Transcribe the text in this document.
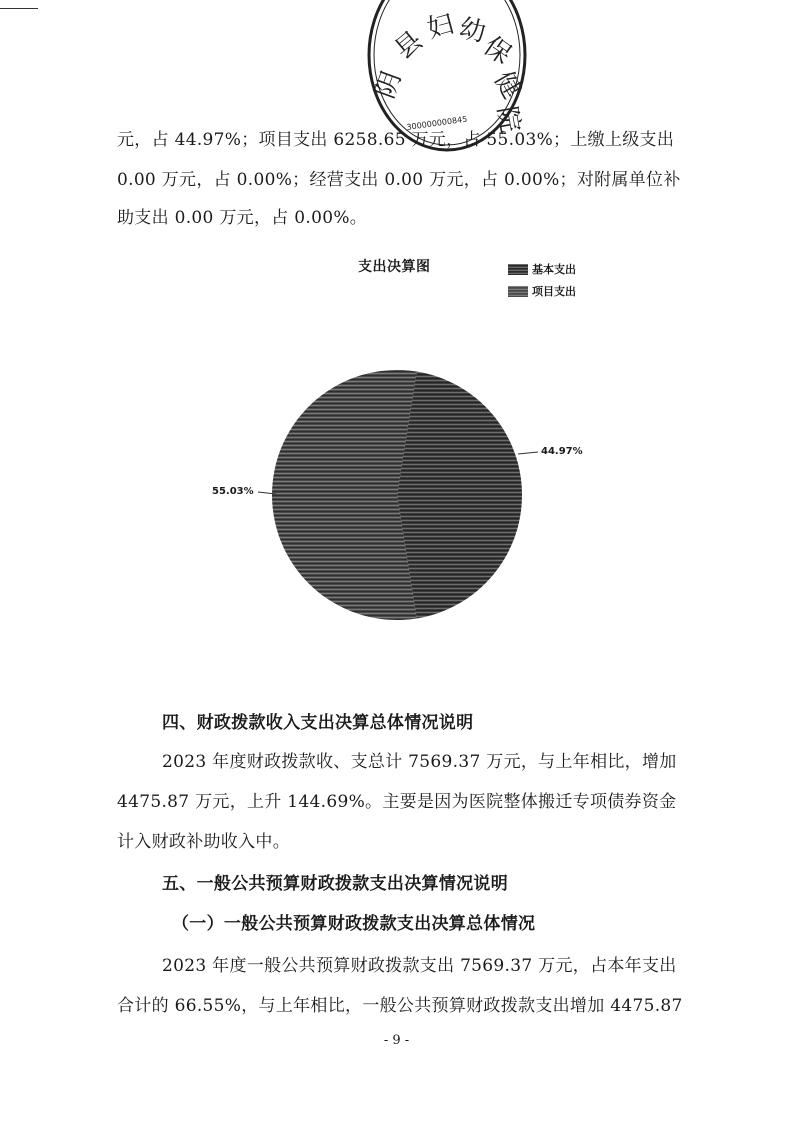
阴
县
妇 幼
保
健
院
300000000845
元，占 44.97%；项目支出 6258.65 万元，占 55.03%；上缴上级支出
0.00 万元，占 0.00%；经营支出 0.00 万元，占 0.00%；对附属单位补
助支出 0.00 万元，占 0.00%。
支出决算图	基本支出
项目支出
44.97%
55.03%
四、财政拨款收入支出决算总体情况说明
2023 年度财政拨款收、支总计 7569.37 万元，与上年相比，增加
4475.87 万元，上升 144.69%。主要是因为医院整体搬迁专项债券资金
计入财政补助收入中。
五、一般公共预算财政拨款支出决算情况说明
（一）一般公共预算财政拨款支出决算总体情况
2023 年度一般公共预算财政拨款支出 7569.37 万元，占本年支出
合计的 66.55%，与上年相比，一般公共预算财政拨款支出增加 4475.87
- 9 -
